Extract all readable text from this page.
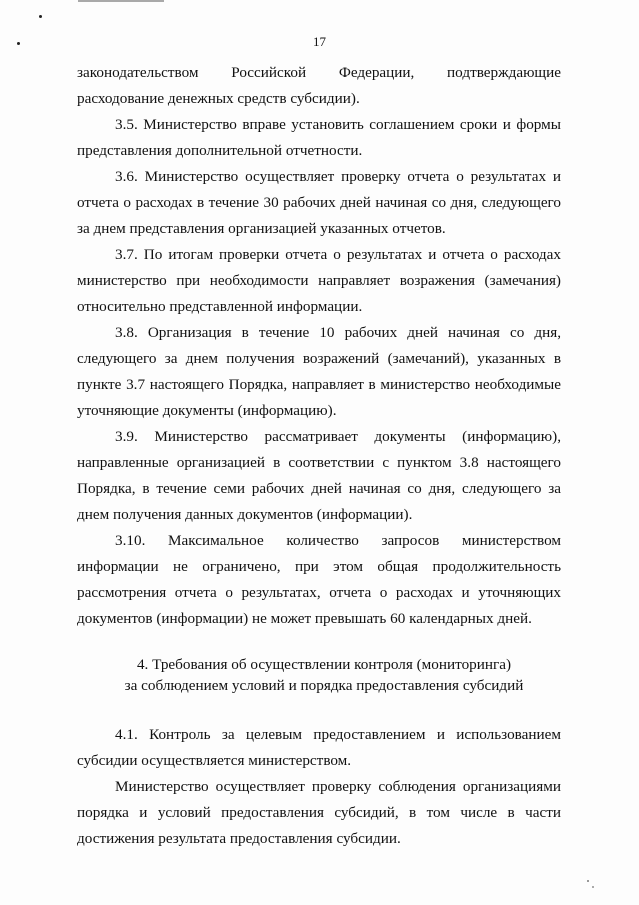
17

законодательством Российской Федерации, подтверждающие расходование денежных средств субсидии).

3.5. Министерство вправе установить соглашением сроки и формы представления дополнительной отчетности.

3.6. Министерство осуществляет проверку отчета о результатах и отчета о расходах в течение 30 рабочих дней начиная со дня, следующего за днем представления организацией указанных отчетов.

3.7. По итогам проверки отчета о результатах и отчета о расходах министерство при необходимости направляет возражения (замечания) относительно представленной информации.

3.8. Организация в течение 10 рабочих дней начиная со дня, следующего за днем получения возражений (замечаний), указанных в пункте 3.7 настоящего Порядка, направляет в министерство необходимые уточняющие документы (информацию).

3.9. Министерство рассматривает документы (информацию), направленные организацией в соответствии с пунктом 3.8 настоящего Порядка, в течение семи рабочих дней начиная со дня, следующего за днем получения данных документов (информации).

3.10. Максимальное количество запросов министерством информации не ограничено, при этом общая продолжительность рассмотрения отчета о результатах, отчета о расходах и уточняющих документов (информации) не может превышать 60 календарных дней.

4. Требования об осуществлении контроля (мониторинга)
за соблюдением условий и порядка предоставления субсидий

4.1. Контроль за целевым предоставлением и использованием субсидии осуществляется министерством.

Министерство осуществляет проверку соблюдения организациями порядка и условий предоставления субсидий, в том числе в части достижения результата предоставления субсидии.
